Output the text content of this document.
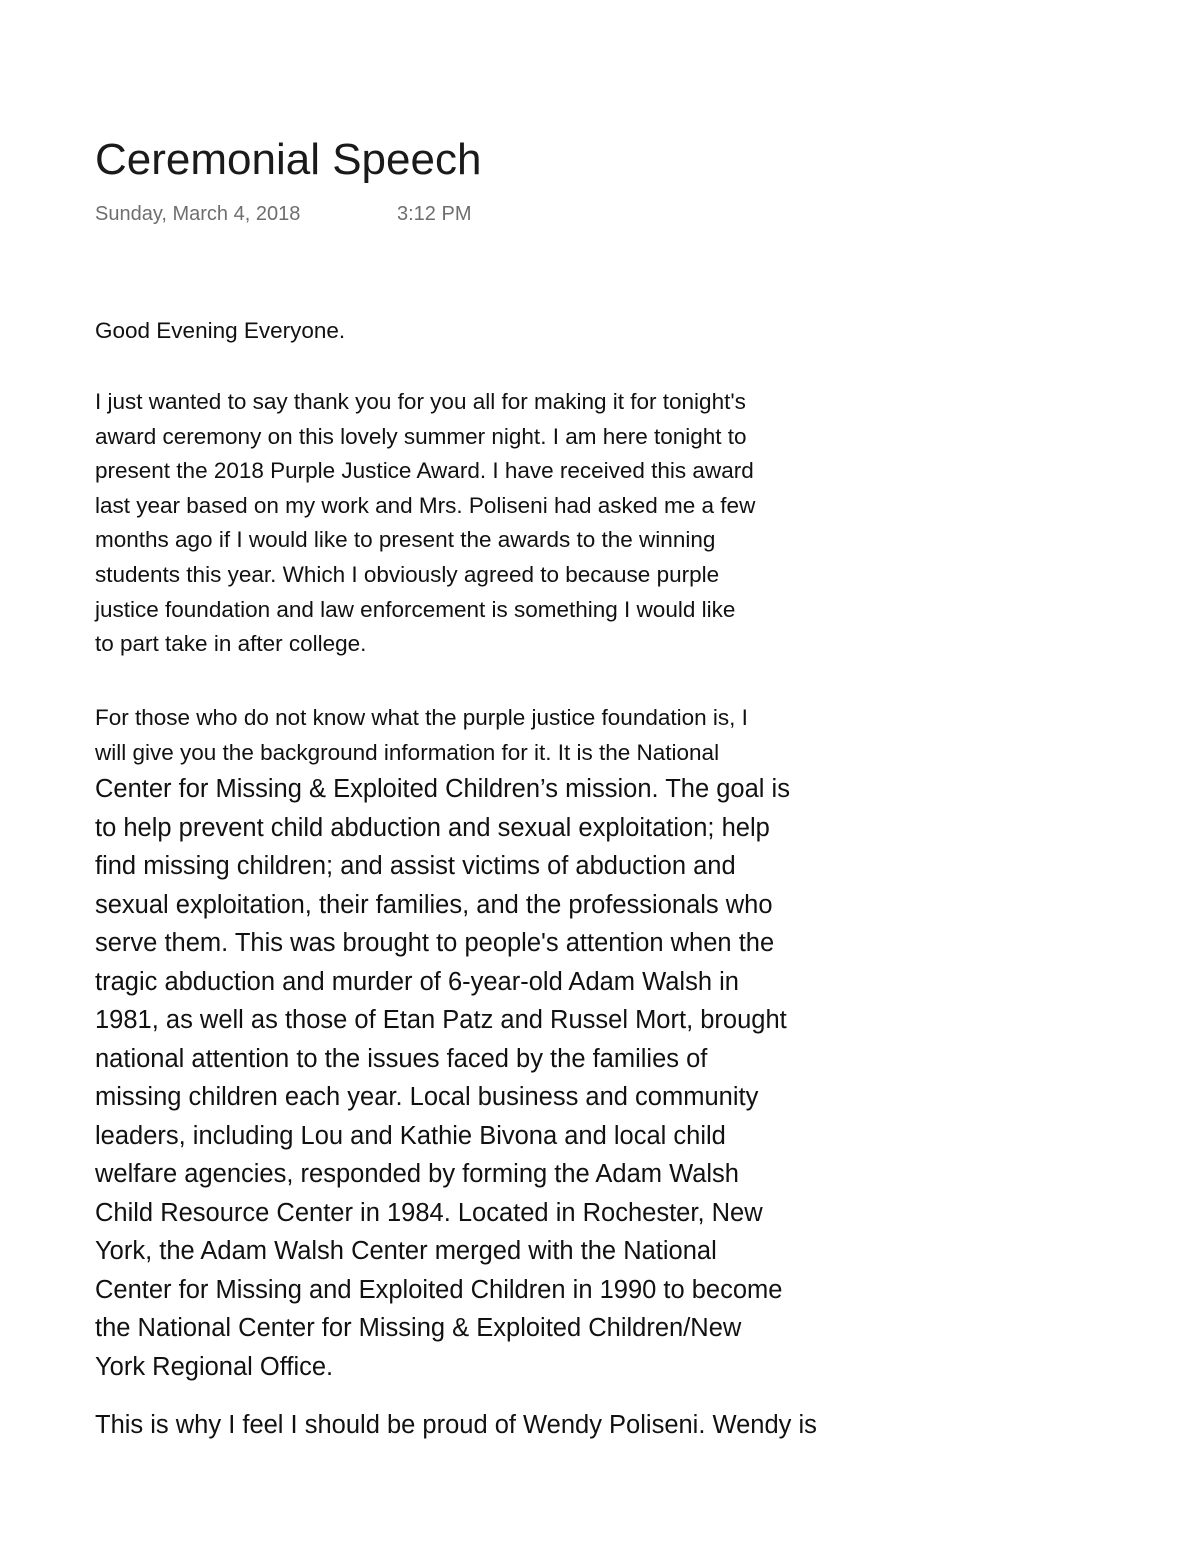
Ceremonial Speech
Sunday, March 4, 2018	3:12 PM

Good Evening Everyone.

I just wanted to say thank you for you all for making it for tonight's
award ceremony on this lovely summer night. I am here tonight to
present the 2018 Purple Justice Award. I have received this award
last year based on my work and Mrs. Poliseni had asked me a few
months ago if I would like to present the awards to the winning
students this year. Which I obviously agreed to because purple
justice foundation and law enforcement is something I would like
to part take in after college.

For those who do not know what the purple justice foundation is, I
will give you the background information for it. It is the National
Center for Missing & Exploited Children’s mission. The goal is
to help prevent child abduction and sexual exploitation; help
find missing children; and assist victims of abduction and
sexual exploitation, their families, and the professionals who
serve them. This was brought to people's attention when the
tragic abduction and murder of 6-year-old Adam Walsh in
1981, as well as those of Etan Patz and Russel Mort, brought
national attention to the issues faced by the families of
missing children each year. Local business and community
leaders, including Lou and Kathie Bivona and local child
welfare agencies, responded by forming the Adam Walsh
Child Resource Center in 1984. Located in Rochester, New
York, the Adam Walsh Center merged with the National
Center for Missing and Exploited Children in 1990 to become
the National Center for Missing & Exploited Children/New
York Regional Office.

This is why I feel I should be proud of Wendy Poliseni. Wendy is
